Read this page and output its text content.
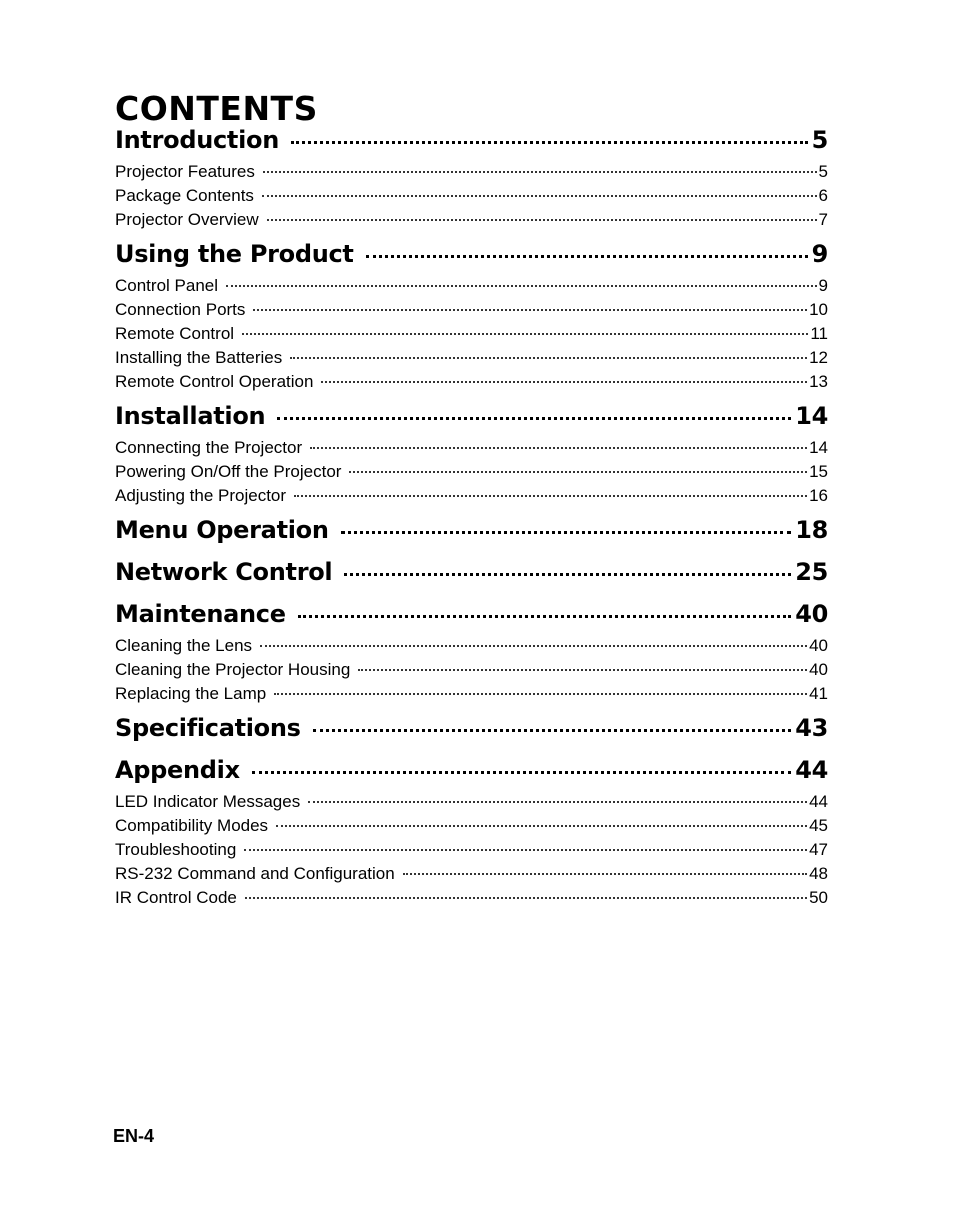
CONTENTS
Introduction	5
Projector Features	5
Package Contents	6
Projector Overview	7
Using the Product	9
Control Panel	9
Connection Ports	10
Remote Control	11
Installing the Batteries	12
Remote Control Operation	13
Installation	14
Connecting the Projector	14
Powering On/Off the Projector	15
Adjusting the Projector	16
Menu Operation	18
Network Control	25
Maintenance	40
Cleaning the Lens	40
Cleaning the Projector Housing	40
Replacing the Lamp	41
Specifications	43
Appendix	44
LED Indicator Messages	44
Compatibility Modes	45
Troubleshooting	47
RS-232 Command and Configuration	48
IR Control Code	50
EN-4
